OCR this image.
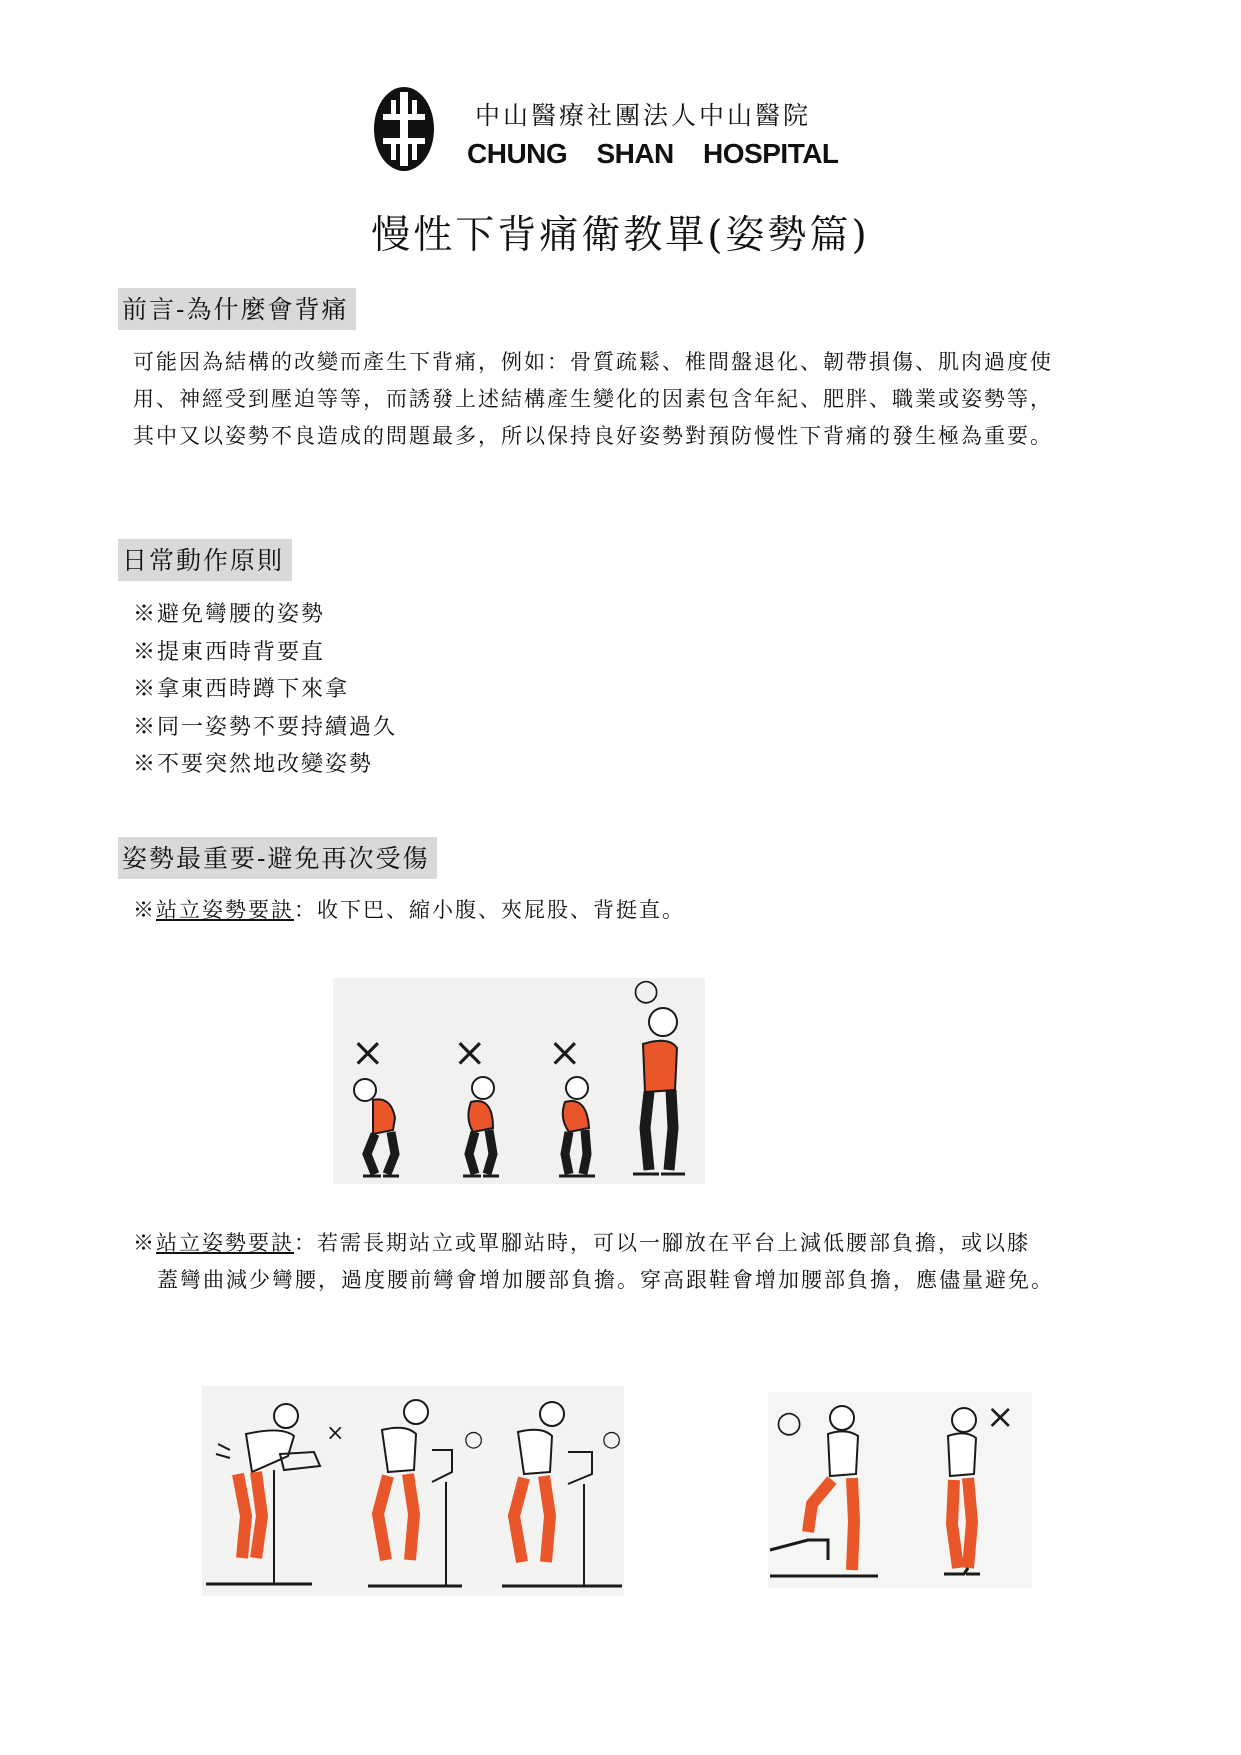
中山醫療社團法人中山醫院
CHUNG SHAN HOSPITAL
慢性下背痛衛教單(姿勢篇)
前言-為什麼會背痛
可能因為結構的改變而產生下背痛，例如：骨質疏鬆、椎間盤退化、韌帶損傷、肌肉過度使
用、神經受到壓迫等等，而誘發上述結構產生變化的因素包含年紀、肥胖、職業或姿勢等，
其中又以姿勢不良造成的問題最多，所以保持良好姿勢對預防慢性下背痛的發生極為重要。
日常動作原則
※避免彎腰的姿勢
※提東西時背要直
※拿東西時蹲下來拿
※同一姿勢不要持續過久
※不要突然地改變姿勢
姿勢最重要-避免再次受傷
※站立姿勢要訣：收下巴、縮小腹、夾屁股、背挺直。
× × ×
○
※站立姿勢要訣：若需長期站立或單腳站時，可以一腳放在平台上減低腰部負擔，或以膝
蓋彎曲減少彎腰，過度腰前彎會增加腰部負擔。穿高跟鞋會增加腰部負擔，應儘量避免。
×	○	○	○	×
